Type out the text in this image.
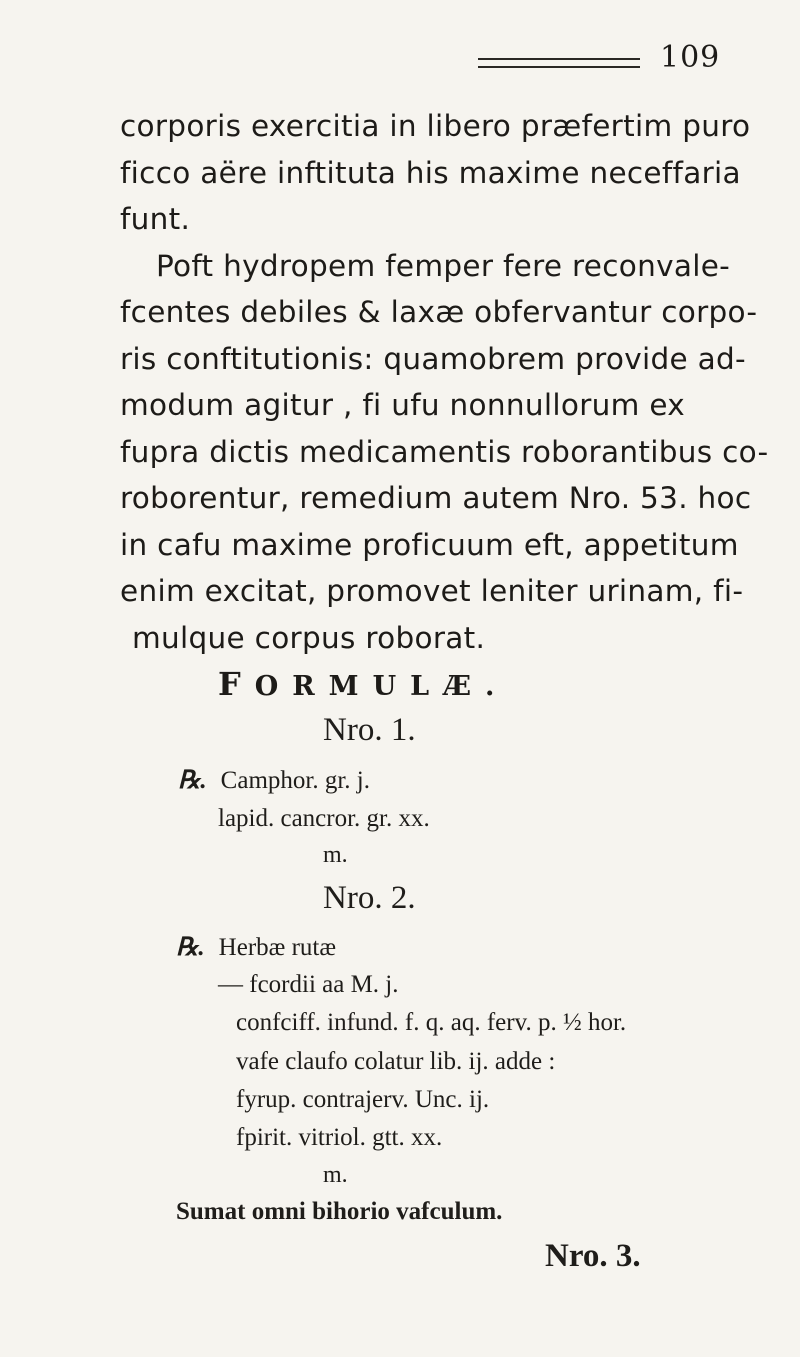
109
corporis exercitia in libero præfertim puro
ficco aëre inftituta his maxime neceffaria
funt.
Poft hydropem femper fere reconvale-
fcentes debiles & laxæ obfervantur corpo-
ris conftitutionis: quamobrem provide ad-
modum agitur , fi ufu nonnullorum ex
fupra dictis medicamentis roborantibus co-
roborentur, remedium autem Nro. 53. hoc
in cafu maxime proficuum eft, appetitum
enim excitat, promovet leniter urinam, fi-
mulque corpus roborat.
FORMULÆ.
Nro. 1.
℞. Camphor. gr. j.
lapid. cancror. gr. xx.
m.
Nro. 2.
℞. Herbæ rutæ
— fcordii aa M. j.
confciff. infund. f. q. aq. ferv. p. ½ hor.
vafe claufo colatur lib. ij. adde :
fyrup. contrajerv. Unc. ij.
fpirit. vitriol. gtt. xx.
m.
Sumat omni bihorio vafculum.
Nro. 3.
